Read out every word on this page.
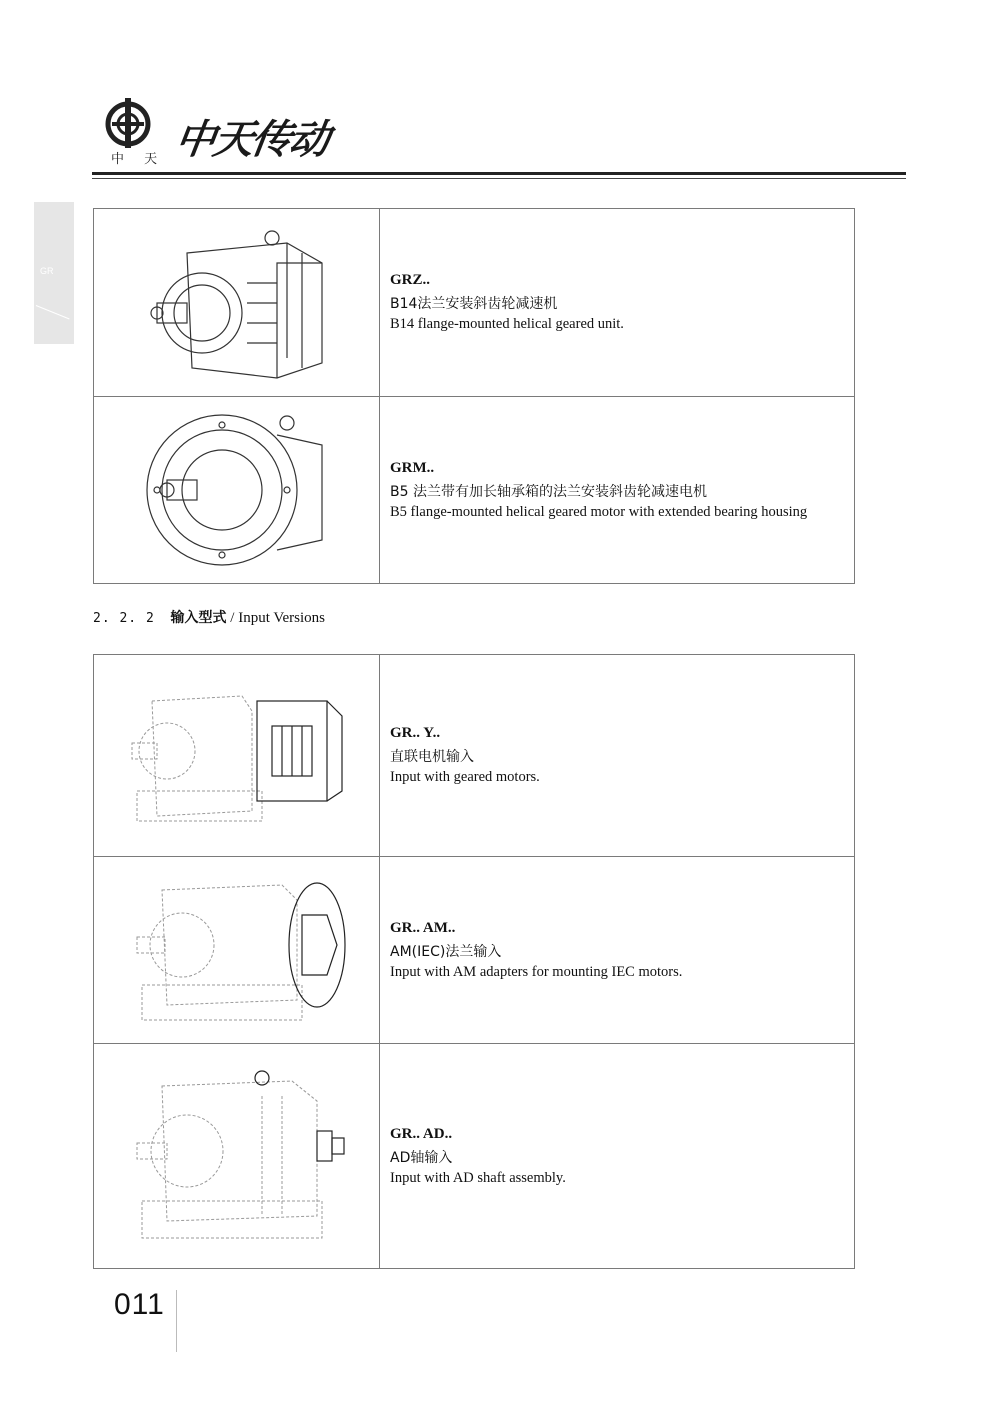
中 天 中天传动
GR

GRZ..
B14法兰安装斜齿轮减速机
B14 flange-mounted helical geared unit.

GRM..
B5 法兰带有加长轴承箱的法兰安装斜齿轮减速电机
B5 flange-mounted helical geared motor with extended bearing housing
2. 2. 2 输入型式 / Input Versions

GR.. Y..
直联电机输入
Input with geared motors.

GR.. AM..
AM(IEC)法兰输入
Input with AM adapters for mounting IEC motors.

GR.. AD..
AD轴输入
Input with AD shaft assembly.
011
